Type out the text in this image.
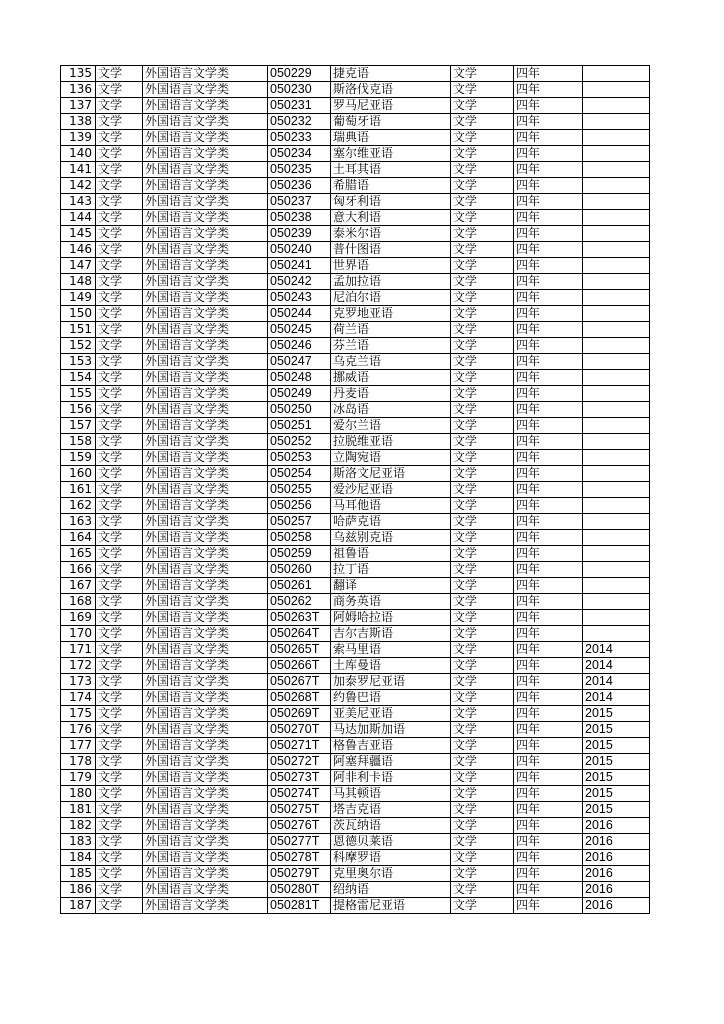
135	文学	外国语言文学类	050229	捷克语	文学	四年	
136	文学	外国语言文学类	050230	斯洛伐克语	文学	四年	
137	文学	外国语言文学类	050231	罗马尼亚语	文学	四年	
138	文学	外国语言文学类	050232	葡萄牙语	文学	四年	
139	文学	外国语言文学类	050233	瑞典语	文学	四年	
140	文学	外国语言文学类	050234	塞尔维亚语	文学	四年	
141	文学	外国语言文学类	050235	土耳其语	文学	四年	
142	文学	外国语言文学类	050236	希腊语	文学	四年	
143	文学	外国语言文学类	050237	匈牙利语	文学	四年	
144	文学	外国语言文学类	050238	意大利语	文学	四年	
145	文学	外国语言文学类	050239	泰米尔语	文学	四年	
146	文学	外国语言文学类	050240	普什图语	文学	四年	
147	文学	外国语言文学类	050241	世界语	文学	四年	
148	文学	外国语言文学类	050242	孟加拉语	文学	四年	
149	文学	外国语言文学类	050243	尼泊尔语	文学	四年	
150	文学	外国语言文学类	050244	克罗地亚语	文学	四年	
151	文学	外国语言文学类	050245	荷兰语	文学	四年	
152	文学	外国语言文学类	050246	芬兰语	文学	四年	
153	文学	外国语言文学类	050247	乌克兰语	文学	四年	
154	文学	外国语言文学类	050248	挪威语	文学	四年	
155	文学	外国语言文学类	050249	丹麦语	文学	四年	
156	文学	外国语言文学类	050250	冰岛语	文学	四年	
157	文学	外国语言文学类	050251	爱尔兰语	文学	四年	
158	文学	外国语言文学类	050252	拉脱维亚语	文学	四年	
159	文学	外国语言文学类	050253	立陶宛语	文学	四年	
160	文学	外国语言文学类	050254	斯洛文尼亚语	文学	四年	
161	文学	外国语言文学类	050255	爱沙尼亚语	文学	四年	
162	文学	外国语言文学类	050256	马耳他语	文学	四年	
163	文学	外国语言文学类	050257	哈萨克语	文学	四年	
164	文学	外国语言文学类	050258	乌兹别克语	文学	四年	
165	文学	外国语言文学类	050259	祖鲁语	文学	四年	
166	文学	外国语言文学类	050260	拉丁语	文学	四年	
167	文学	外国语言文学类	050261	翻译	文学	四年	
168	文学	外国语言文学类	050262	商务英语	文学	四年	
169	文学	外国语言文学类	050263T	阿姆哈拉语	文学	四年	
170	文学	外国语言文学类	050264T	吉尔吉斯语	文学	四年	
171	文学	外国语言文学类	050265T	索马里语	文学	四年	2014
172	文学	外国语言文学类	050266T	土库曼语	文学	四年	2014
173	文学	外国语言文学类	050267T	加泰罗尼亚语	文学	四年	2014
174	文学	外国语言文学类	050268T	约鲁巴语	文学	四年	2014
175	文学	外国语言文学类	050269T	亚美尼亚语	文学	四年	2015
176	文学	外国语言文学类	050270T	马达加斯加语	文学	四年	2015
177	文学	外国语言文学类	050271T	格鲁吉亚语	文学	四年	2015
178	文学	外国语言文学类	050272T	阿塞拜疆语	文学	四年	2015
179	文学	外国语言文学类	050273T	阿非利卡语	文学	四年	2015
180	文学	外国语言文学类	050274T	马其顿语	文学	四年	2015
181	文学	外国语言文学类	050275T	塔吉克语	文学	四年	2015
182	文学	外国语言文学类	050276T	茨瓦纳语	文学	四年	2016
183	文学	外国语言文学类	050277T	恩德贝莱语	文学	四年	2016
184	文学	外国语言文学类	050278T	科摩罗语	文学	四年	2016
185	文学	外国语言文学类	050279T	克里奥尔语	文学	四年	2016
186	文学	外国语言文学类	050280T	绍纳语	文学	四年	2016
187	文学	外国语言文学类	050281T	提格雷尼亚语	文学	四年	2016
